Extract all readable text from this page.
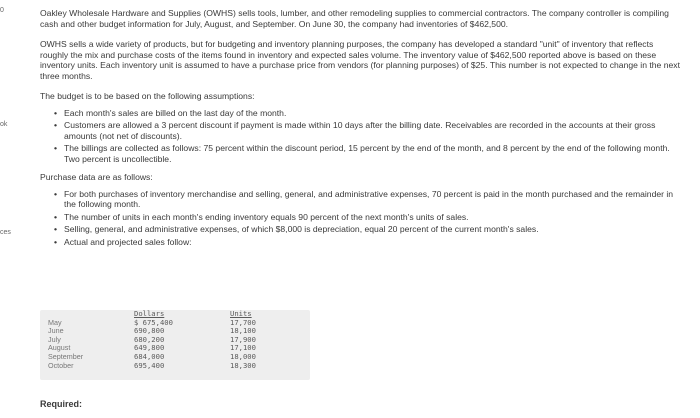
0
ok
ces

Oakley Wholesale Hardware and Supplies (OWHS) sells tools, lumber, and other remodeling supplies to commercial contractors. The company controller is compiling cash and other budget information for July, August, and September. On June 30, the company had inventories of $462,500.

OWHS sells a wide variety of products, but for budgeting and inventory planning purposes, the company has developed a standard "unit" of inventory that reflects roughly the mix and purchase costs of the items found in inventory and expected sales volume. The inventory value of $462,500 reported above is based on these inventory units. Each inventory unit is assumed to have a purchase price from vendors (for planning purposes) of $25. This number is not expected to change in the next three months.

The budget is to be based on the following assumptions:

• Each month's sales are billed on the last day of the month.
• Customers are allowed a 3 percent discount if payment is made within 10 days after the billing date. Receivables are recorded in the accounts at their gross amounts (not net of discounts).
• The billings are collected as follows: 75 percent within the discount period, 15 percent by the end of the month, and 8 percent by the end of the following month. Two percent is uncollectible.

Purchase data are as follows:

• For both purchases of inventory merchandise and selling, general, and administrative expenses, 70 percent is paid in the month purchased and the remainder in the following month.
• The number of units in each month's ending inventory equals 90 percent of the next month's units of sales.
• Selling, general, and administrative expenses, of which $8,000 is depreciation, equal 20 percent of the current month's sales.
• Actual and projected sales follow:
	Dollars	Units
May	$ 675,400	17,700
June	690,800	18,100
July	680,200	17,900
August	649,800	17,100
September	684,000	18,000
October	695,400	18,300
Required:
